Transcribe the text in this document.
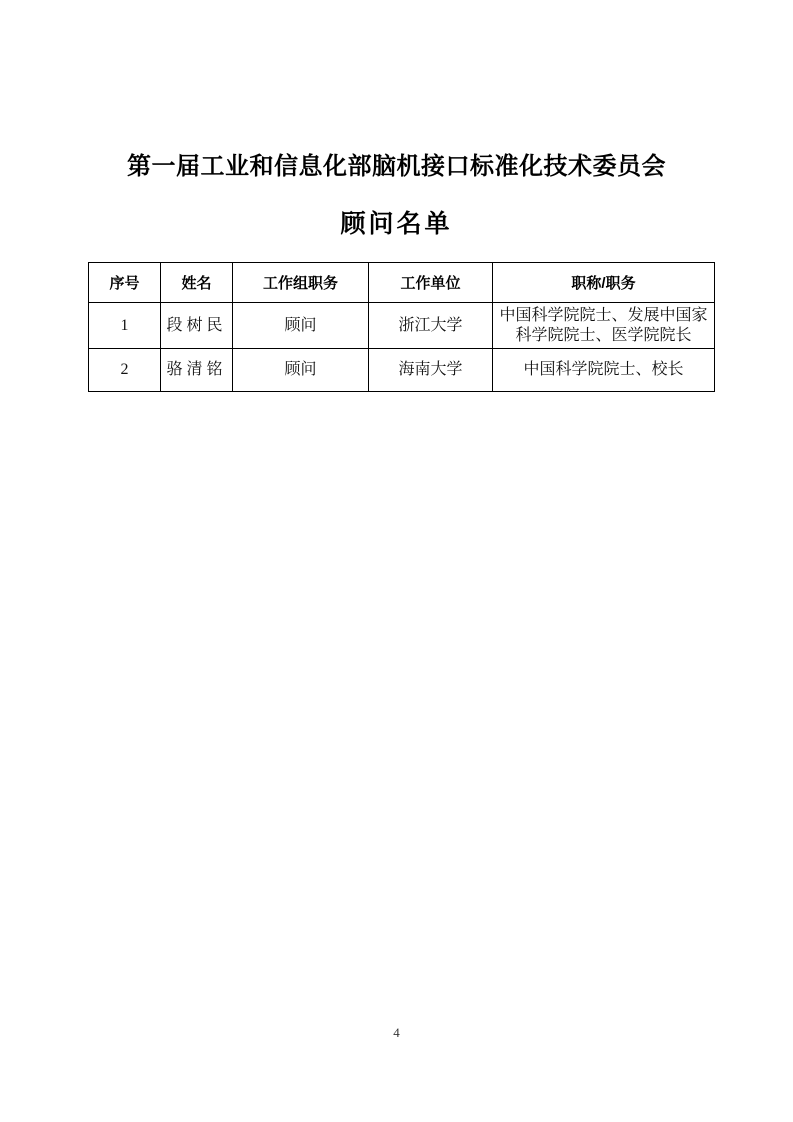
第一届工业和信息化部脑机接口标准化技术委员会
顾问名单
序号	姓名	工作组职务	工作单位	职称/职务
1	段树民	顾问	浙江大学	中国科学院院士、发展中国家科学院院士、医学院院长
2	骆清铭	顾问	海南大学	中国科学院院士、校长
4
